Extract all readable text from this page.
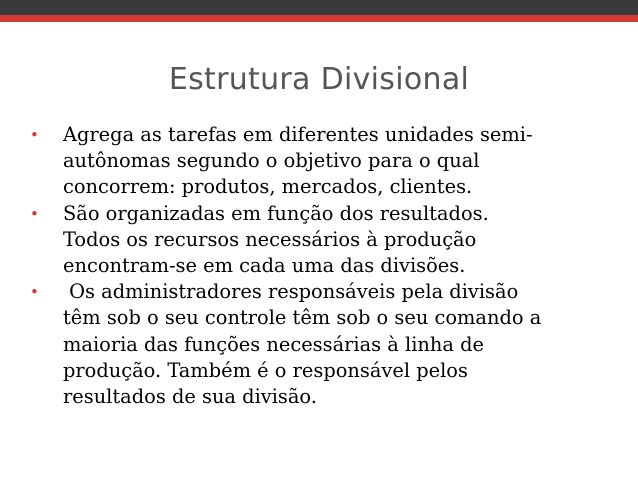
Estrutura Divisional
•	Agrega as tarefas em diferentes unidades semi-
autônomas segundo o objetivo para o qual
concorrem: produtos, mercados, clientes.
•	São organizadas em função dos resultados.
Todos os recursos necessários à produção
encontram-se em cada uma das divisões.
•	Os administradores responsáveis pela divisão
têm sob o seu controle têm sob o seu comando a
maioria das funções necessárias à linha de
produção. Também é o responsável pelos
resultados de sua divisão.
